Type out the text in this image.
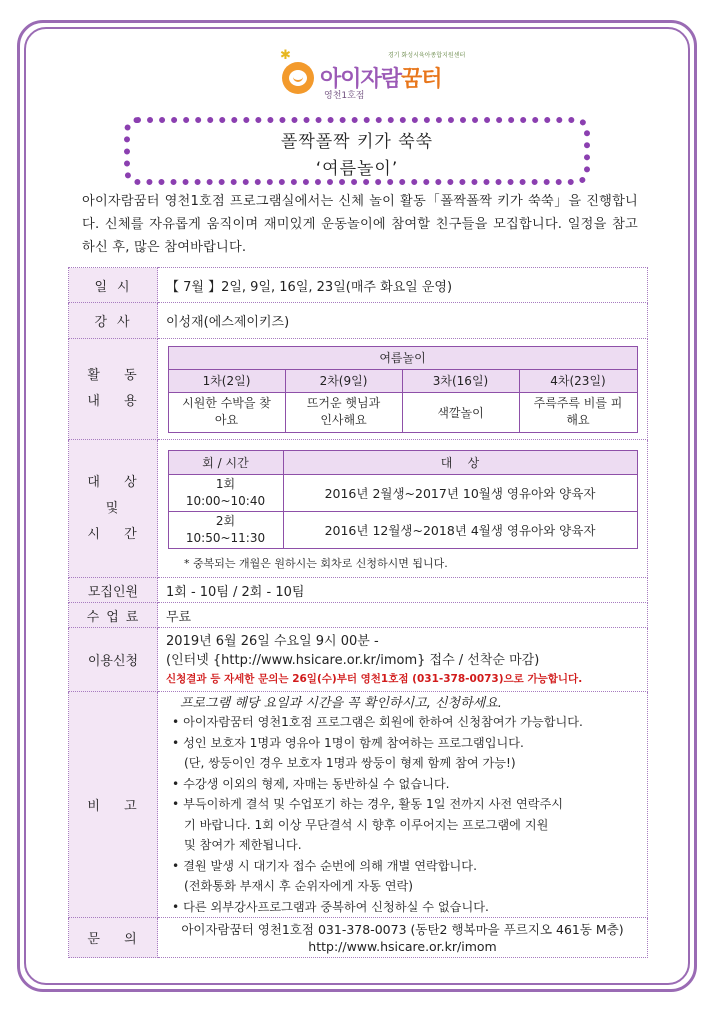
✱	경기 화성시육아종합지원센터
아이자람꿈터
영천1호점
폴짝폴짝 키가 쑥쑥
‘여름놀이’

아이자람꿈터 영천1호점 프로그램실에서는 신체 놀이 활동「폴짝폴짝 키가 쑥쑥」을 진행합니다. 신체를 자유롭게 움직이며 재미있게 운동놀이에 참여할 친구들을 모집합니다. 일정을 참고하신 후, 많은 참여바랍니다.

일시	【 7월 】2일, 9일, 16일, 23일(매주 화요일 운영)
강사	이성재(에스제이키즈)

활 동
내 용

여름놀이
1차(2일)	2차(9일)	3차(16일)	4차(23일)
시원한 수박을 찾아요	뜨거운 햇님과 인사해요	색깔놀이	주륵주륵 비를 피해요

대 상
및
시 간

회 / 시간	대    상

1회
10:00~10:40	2016년 2월생~2017년 10월생 영유아와 양육자

2회
10:50~11:30	2016년 12월생~2018년 4월생 영유아와 양육자
* 중복되는 개월은 원하시는 회차로 신청하시면 됩니다.

모집인원	1회 - 10팀 / 2회 - 10팀
수업료	무료
이용신청	
2019년 6월 26일 수요일 9시 00분 -
(인터넷 {http://www.hsicare.or.kr/imom} 접수 / 선착순 마감)
신청결과 등 자세한 문의는 26일(수)부터 영천1호점 (031-378-0073)으로 가능합니다.

비 고	
프로그램 해당 요일과 시간을 꼭 확인하시고, 신청하세요.
• 아이자람꿈터 영천1호점 프로그램은 회원에 한하여 신청참여가 가능합니다.
• 성인 보호자 1명과 영유아 1명이 함께 참여하는 프로그램입니다.
(단, 쌍둥이인 경우 보호자 1명과 쌍둥이 형제 함께 참여 가능!)
• 수강생 이외의 형제, 자매는 동반하실 수 없습니다.
• 부득이하게 결석 및 수업포기 하는 경우, 활동 1일 전까지 사전 연락주시
기 바랍니다. 1회 이상 무단결석 시 향후 이루어지는 프로그램에 지원
및 참여가 제한됩니다.
• 결원 발생 시 대기자 접수 순번에 의해 개별 연락합니다.
(전화통화 부재시 후 순위자에게 자동 연락)
• 다른 외부강사프로그램과 중복하여 신청하실 수 없습니다.

문 의	
아이자람꿈터 영천1호점 031-378-0073 (동탄2 행복마을 푸르지오 461동 M층)
http://www.hsicare.or.kr/imom
